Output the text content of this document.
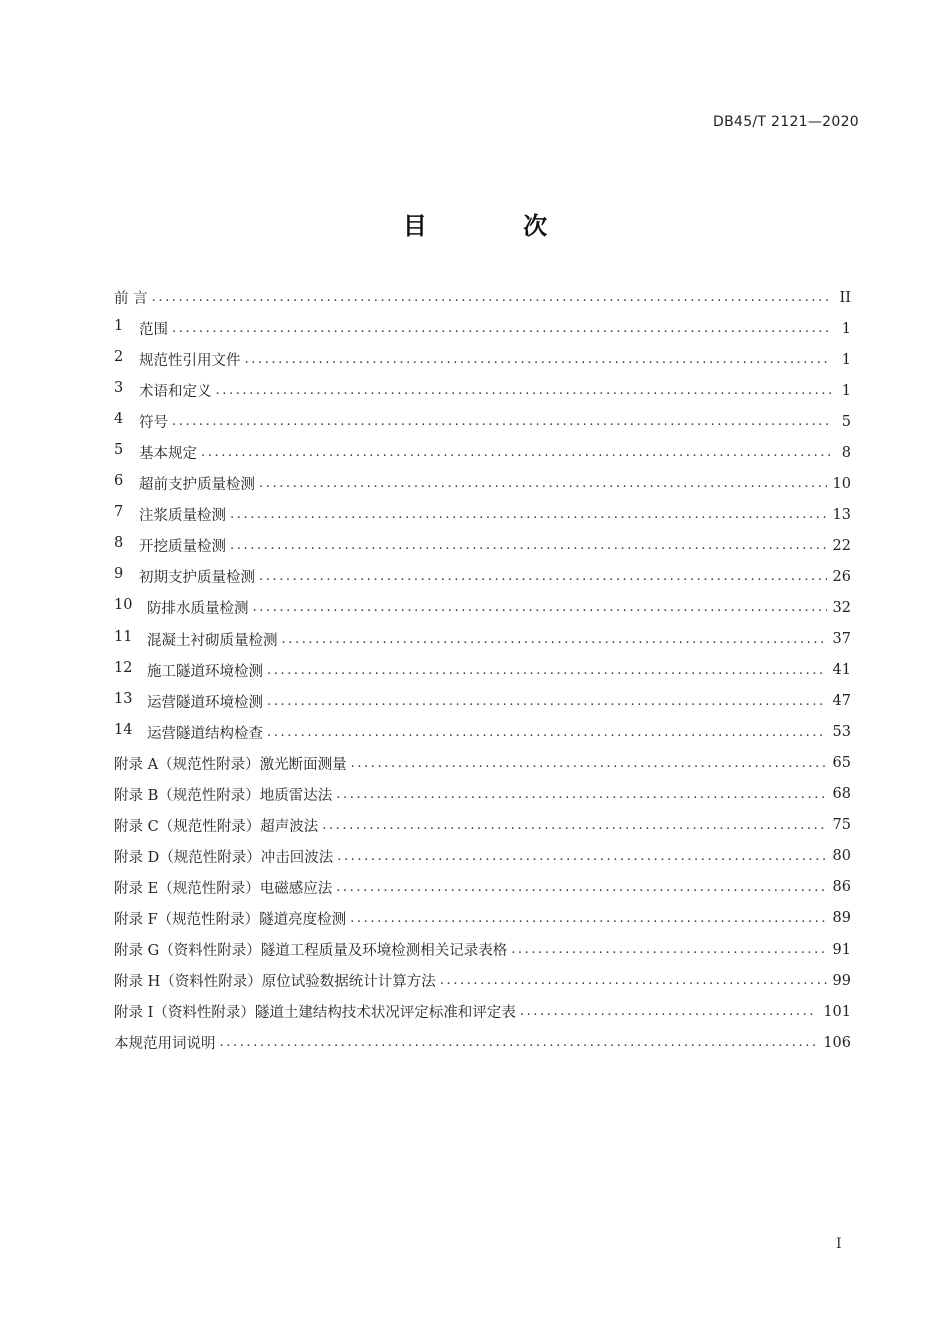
DB45/T 2121—2020
目 次
前 言 .....	II
1	范围 .....	1
2	规范性引用文件 .....	1
3	术语和定义 .....	1
4	符号 .....	5
5	基本规定 .....	8
6	超前支护质量检测 .....	10
7	注浆质量检测 .....	13
8	开挖质量检测 .....	22
9	初期支护质量检测 .....	26
10	防排水质量检测 .....	32
11	混凝土衬砌质量检测 .....	37
12	施工隧道环境检测 .....	41
13	运营隧道环境检测 .....	47
14	运营隧道结构检查 .....	53
附录 A（规范性附录）激光断面测量 .....	65
附录 B（规范性附录）地质雷达法 .....	68
附录 C（规范性附录）超声波法 .....	75
附录 D（规范性附录）冲击回波法 .....	80
附录 E（规范性附录）电磁感应法 .....	86
附录 F（规范性附录）隧道亮度检测 .....	89
附录 G（资料性附录）隧道工程质量及环境检测相关记录表格 .....	91
附录 H（资料性附录）原位试验数据统计计算方法 .....	99
附录 I（资料性附录）隧道土建结构技术状况评定标准和评定表 .....	101
本规范用词说明 .....	106
I
